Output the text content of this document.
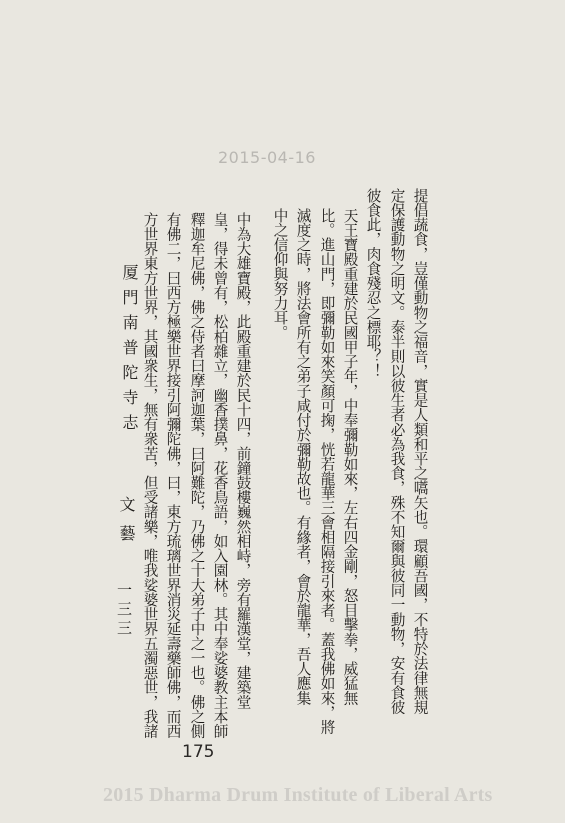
2015-04-16
提倡蔬食，豈僅動物之福音，實是人類和平之嚆矢也。環顧吾國，不特於法律無規
定保護動物之明文。泰半則以彼生者必為我食，殊不知爾與彼同一動物，安有食彼
彼食此，肉食殘忍之標耶？！
天王寶殿重建於民國甲子年，中奉彌勒如來，左右四金剛，怒目擊拳，威猛無
比。進山門，即彌勒如來笑顏可掬，恍若龍華三會相隔接引來者。蓋我佛如來，將
滅度之時，將法會所有之弟子咸付於彌勒故也。有緣者，會於龍華，吾人應集
中之信仰與努力耳。
中為大雄寶殿，此殿重建於民十四，前鐘鼓樓巍然相峙，旁有羅漢堂，建築堂
皇，得未曾有，松柏雜立，幽香撲鼻，花香鳥語，如入園林。其中奉娑婆教主本師
釋迦牟尼佛，佛之侍者曰摩訶迦葉，曰阿難陀，乃佛之十大弟子中之一也。佛之側
有佛二，曰西方極樂世界接引阿彌陀佛，曰，東方琉璃世界消災延壽藥師佛，而西
方世界東方世界，其國衆生，無有衆苦，但受諸樂，唯我娑婆世界五濁惡世，我諸
厦門南普陀寺志
文藝
一三三
175
2015 Dharma Drum Institute of Liberal Arts
